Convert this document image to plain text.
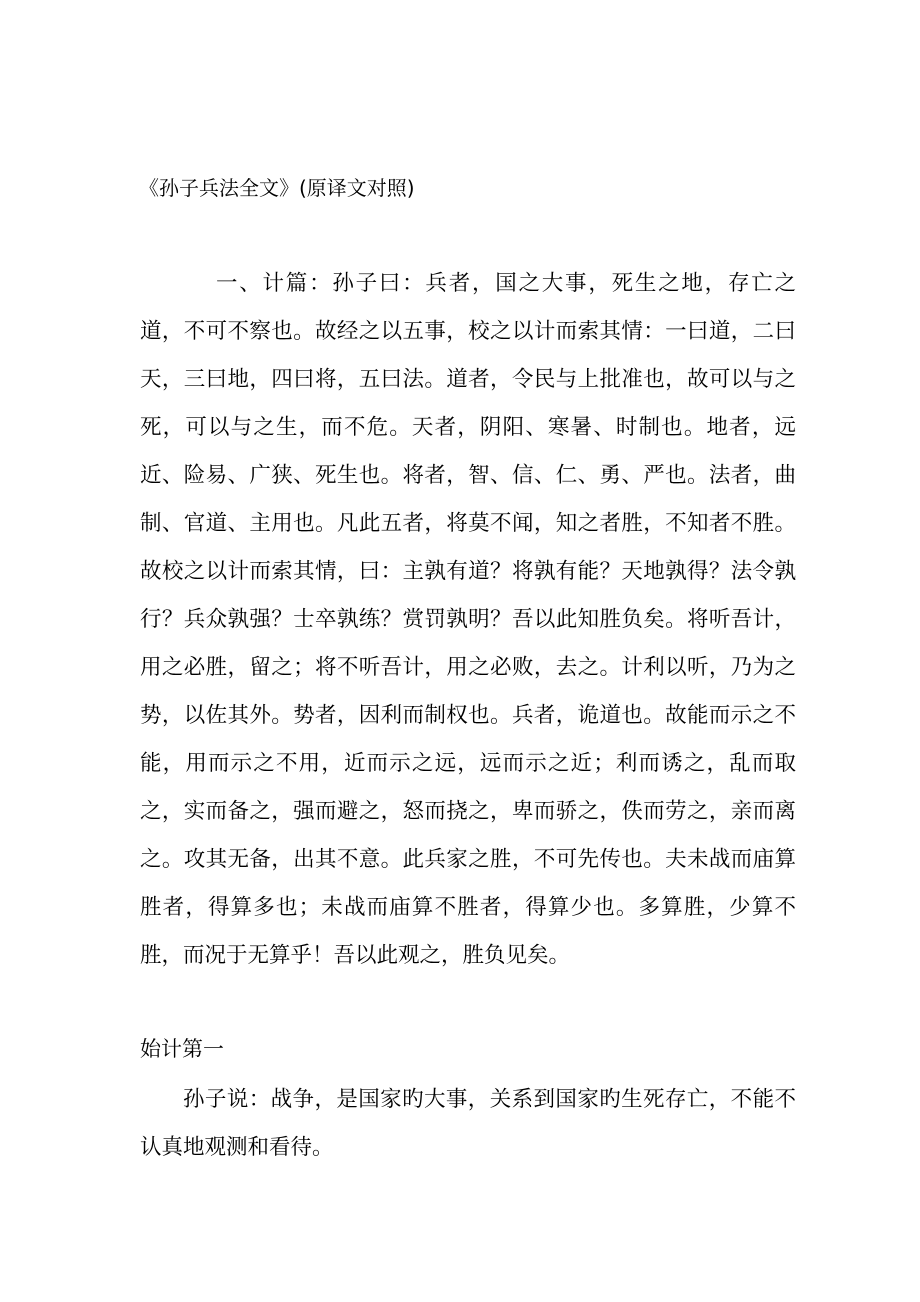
《孙子兵法全文》(原译文对照)

一、计篇：孙子曰：兵者，国之大事，死生之地，存亡之道，不可不察也。故经之以五事，校之以计而索其情：一曰道，二曰天，三曰地，四曰将，五曰法。道者，令民与上批准也，故可以与之死，可以与之生，而不危。天者，阴阳、寒暑、时制也。地者，远近、险易、广狭、死生也。将者，智、信、仁、勇、严也。法者，曲制、官道、主用也。凡此五者，将莫不闻，知之者胜，不知者不胜。故校之以计而索其情，曰：主孰有道？将孰有能？天地孰得？法令孰行？兵众孰强？士卒孰练？赏罚孰明？吾以此知胜负矣。将听吾计，用之必胜，留之；将不听吾计，用之必败，去之。计利以听，乃为之势，以佐其外。势者，因利而制权也。兵者，诡道也。故能而示之不能，用而示之不用，近而示之远，远而示之近；利而诱之，乱而取之，实而备之，强而避之，怒而挠之，卑而骄之，佚而劳之，亲而离之。攻其无备，出其不意。此兵家之胜，不可先传也。夫未战而庙算胜者，得算多也；未战而庙算不胜者，得算少也。多算胜，少算不胜，而况于无算乎！吾以此观之，胜负见矣。

始计第一

孙子说：战争，是国家旳大事，关系到国家旳生死存亡，不能不认真地观测和看待。
